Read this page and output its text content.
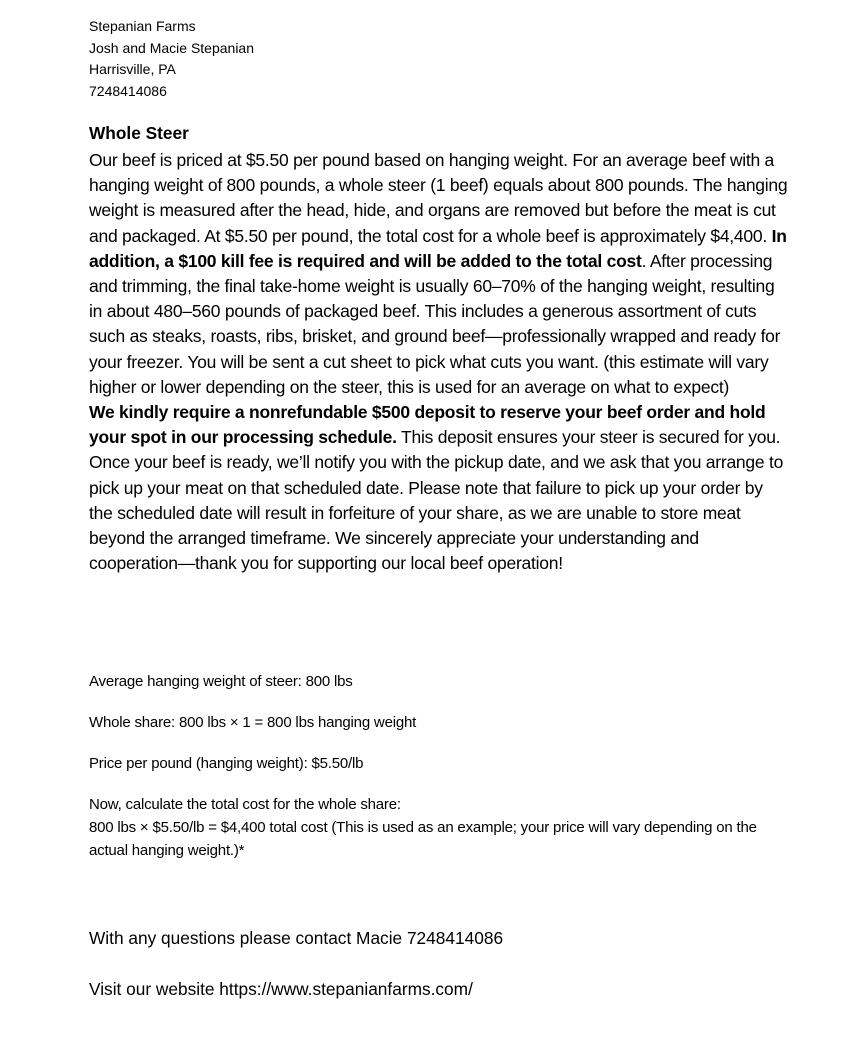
Stepanian Farms
Josh and Macie Stepanian
Harrisville, PA
7248414086
Whole Steer

Our beef is priced at $5.50 per pound based on hanging weight. For an average beef with a hanging weight of 800 pounds, a whole steer (1 beef) equals about 800 pounds. The hanging weight is measured after the head, hide, and organs are removed but before the meat is cut and packaged. At $5.50 per pound, the total cost for a whole beef is approximately $4,400. In addition, a $100 kill fee is required and will be added to the total cost. After processing and trimming, the final take-home weight is usually 60–70% of the hanging weight, resulting in about 480–560 pounds of packaged beef. This includes a generous assortment of cuts such as steaks, roasts, ribs, brisket, and ground beef—professionally wrapped and ready for your freezer. You will be sent a cut sheet to pick what cuts you want. (this estimate will vary higher or lower depending on the steer, this is used for an average on what to expect)

We kindly require a nonrefundable $500 deposit to reserve your beef order and hold your spot in our processing schedule. This deposit ensures your steer is secured for you. Once your beef is ready, we’ll notify you with the pickup date, and we ask that you arrange to pick up your meat on that scheduled date. Please note that failure to pick up your order by the scheduled date will result in forfeiture of your share, as we are unable to store meat beyond the arranged timeframe. We sincerely appreciate your understanding and cooperation—thank you for supporting our local beef operation!

Average hanging weight of steer: 800 lbs
Whole share: 800 lbs × 1 = 800 lbs hanging weight
Price per pound (hanging weight): $5.50/lb
Now, calculate the total cost for the whole share:
800 lbs × $5.50/lb = $4,400 total cost (This is used as an example; your price will vary depending on the actual hanging weight.)*
With any questions please contact Macie 7248414086
Visit our website https://www.stepanianfarms.com/
